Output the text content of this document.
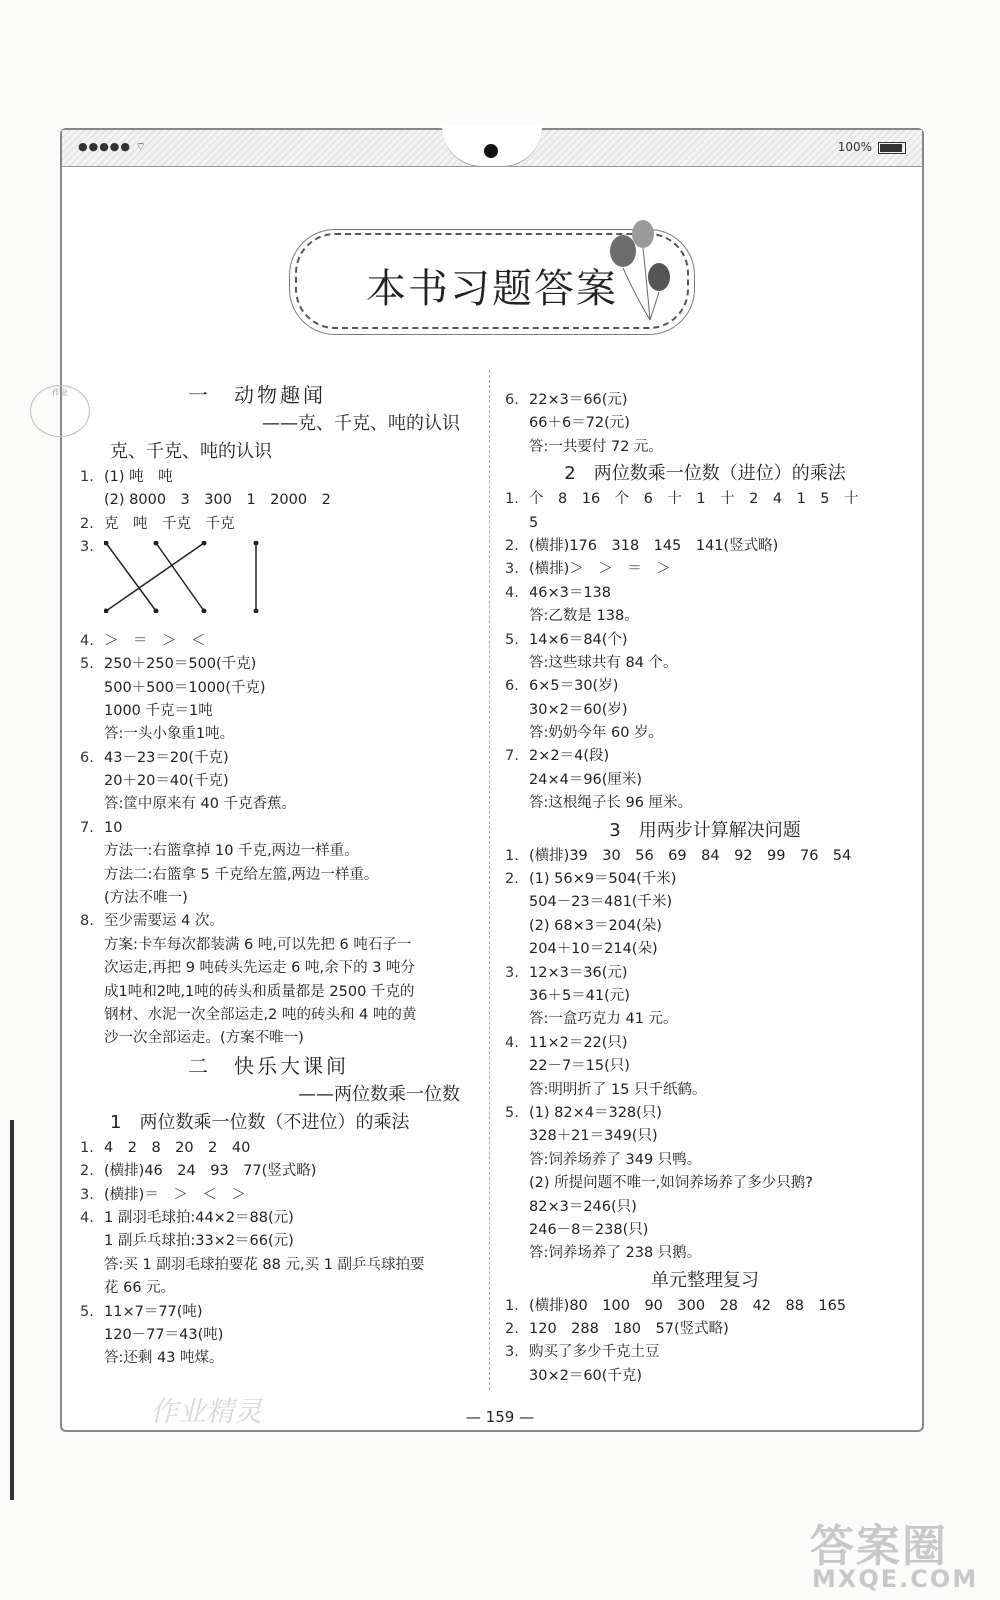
●●●●● ⌔	100%
本书习题答案
作业	一　动物趣闻
——克、千克、吨的认识
克、千克、吨的认识
1. (1) 吨　吨
(2) 8000　3　300　1　2000　2
2. 克　吨　千克　千克
3.
4. ＞　＝　＞　＜
5. 250＋250＝500(千克)
500＋500＝1000(千克)
1000 千克＝1吨
答:一头小象重1吨。
6. 43－23＝20(千克)
20＋20＝40(千克)
答:筐中原来有 40 千克香蕉。
7. 10
方法一:右篮拿掉 10 千克,两边一样重。
方法二:右篮拿 5 千克给左篮,两边一样重。
(方法不唯一)
8. 至少需要运 4 次。
方案:卡车每次都装满 6 吨,可以先把 6 吨石子一
次运走,再把 9 吨砖头先运走 6 吨,余下的 3 吨分
成1吨和2吨,1吨的砖头和质量都是 2500 千克的
钢材、水泥一次全部运走,2 吨的砖头和 4 吨的黄
沙一次全部运走。(方案不唯一)
二　快乐大课间
——两位数乘一位数
1　两位数乘一位数（不进位）的乘法
1. 4　2　8　20　2　40
2. (横排)46　24　93　77(竖式略)
3. (横排)＝　＞　＜　＞
4. 1 副羽毛球拍:44×2＝88(元)
1 副乒乓球拍:33×2＝66(元)
答:买 1 副羽毛球拍要花 88 元,买 1 副乒乓球拍要
花 66 元。
5. 11×7＝77(吨)
120－77＝43(吨)
答:还剩 43 吨煤。
6. 22×3＝66(元)
66＋6＝72(元)
答:一共要付 72 元。
2　两位数乘一位数（进位）的乘法
1. 个　8　16　个　6　十　1　十　2　4　1　5　十
5
2. (横排)176　318　145　141(竖式略)
3. (横排)＞　＞　＝　＞
4. 46×3＝138
答:乙数是 138。
5. 14×6＝84(个)
答:这些球共有 84 个。
6. 6×5＝30(岁)
30×2＝60(岁)
答:奶奶今年 60 岁。
7. 2×2＝4(段)
24×4＝96(厘米)
答:这根绳子长 96 厘米。
3　用两步计算解决问题
1. (横排)39　30　56　69　84　92　99　76　54
2. (1) 56×9＝504(千米)
504－23＝481(千米)
(2) 68×3＝204(朵)
204＋10＝214(朵)
3. 12×3＝36(元)
36＋5＝41(元)
答:一盒巧克力 41 元。
4. 11×2＝22(只)
22－7＝15(只)
答:明明折了 15 只千纸鹤。
5. (1) 82×4＝328(只)
328＋21＝349(只)
答:饲养场养了 349 只鸭。
(2) 所提问题不唯一,如饲养场养了多少只鹅?
82×3＝246(只)
246－8＝238(只)
答:饲养场养了 238 只鹅。
单元整理复习
1. (横排)80　100　90　300　28　42　88　165
2. 120　288　180　57(竖式略)
3. 购买了多少千克土豆
30×2＝60(千克)
— 159 —
作业精灵
答案圈
MXQE.COM
